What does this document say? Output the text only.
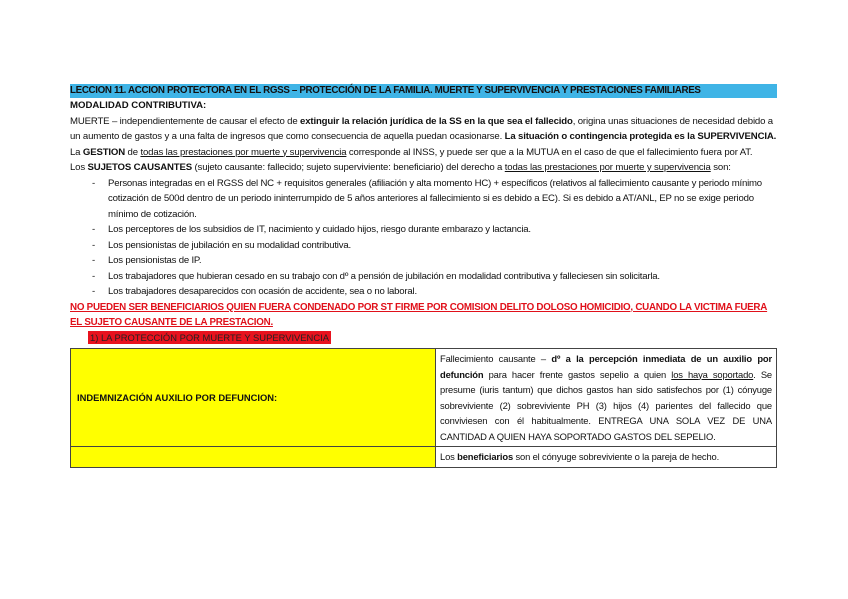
LECCION 11. ACCION PROTECTORA EN EL RGSS – PROTECCIÓN DE LA FAMILIA. MUERTE Y SUPERVIVENCIA Y PRESTACIONES FAMILIARES
MODALIDAD CONTRIBUTIVA:
MUERTE – independientemente de causar el efecto de extinguir la relación jurídica de la SS en la que sea el fallecido, origina unas situaciones de necesidad debido a un aumento de gastos y a una falta de ingresos que como consecuencia de aquella puedan ocasionarse. La situación o contingencia protegida es la SUPERVIVENCIA.
La GESTION de todas las prestaciones por muerte y supervivencia corresponde al INSS, y puede ser que a la MUTUA en el caso de que el fallecimiento fuera por AT.
Los SUJETOS CAUSANTES (sujeto causante: fallecido; sujeto superviviente: beneficiario) del derecho a todas las prestaciones por muerte y supervivencia son:
- Personas integradas en el RGSS del NC + requisitos generales (afiliación y alta momento HC) + específicos (relativos al fallecimiento causante y periodo mínimo cotización de 500d dentro de un periodo ininterrumpido de 5 años anteriores al fallecimiento si es debido a EC). Si es debido a AT/ANL, EP no se exige periodo mínimo de cotización.
- Los perceptores de los subsidios de IT, nacimiento y cuidado hijos, riesgo durante embarazo y lactancia.
- Los pensionistas de jubilación en su modalidad contributiva.
- Los pensionistas de IP.
- Los trabajadores que hubieran cesado en su trabajo con dº a pensión de jubilación en modalidad contributiva y falleciesen sin solicitarla.
- Los trabajadores desaparecidos con ocasión de accidente, sea o no laboral.
NO PUEDEN SER BENEFICIARIOS QUIEN FUERA CONDENADO POR ST FIRME POR COMISION DELITO DOLOSO HOMICIDIO, CUANDO LA VICTIMA FUERA EL SUJETO CAUSANTE DE LA PRESTACION.
1) LA PROTECCIÓN POR MUERTE Y SUPERVIVENCIA
INDEMNIZACIÓN AUXILIO POR DEFUNCION:	Fallecimiento causante – dº a la percepción inmediata de un auxilio por defunción para hacer frente gastos sepelio a quien los haya soportado. Se presume (iuris tantum) que dichos gastos han sido satisfechos por (1) cónyuge sobreviviente (2) sobreviviente PH (3) hijos (4) parientes del fallecido que conviviesen con él habitualmente. ENTREGA UNA SOLA VEZ DE UNA CANTIDAD A QUIEN HAYA SOPORTADO GASTOS DEL SEPELIO.
	Los beneficiarios son el cónyuge sobreviviente o la pareja de hecho.
